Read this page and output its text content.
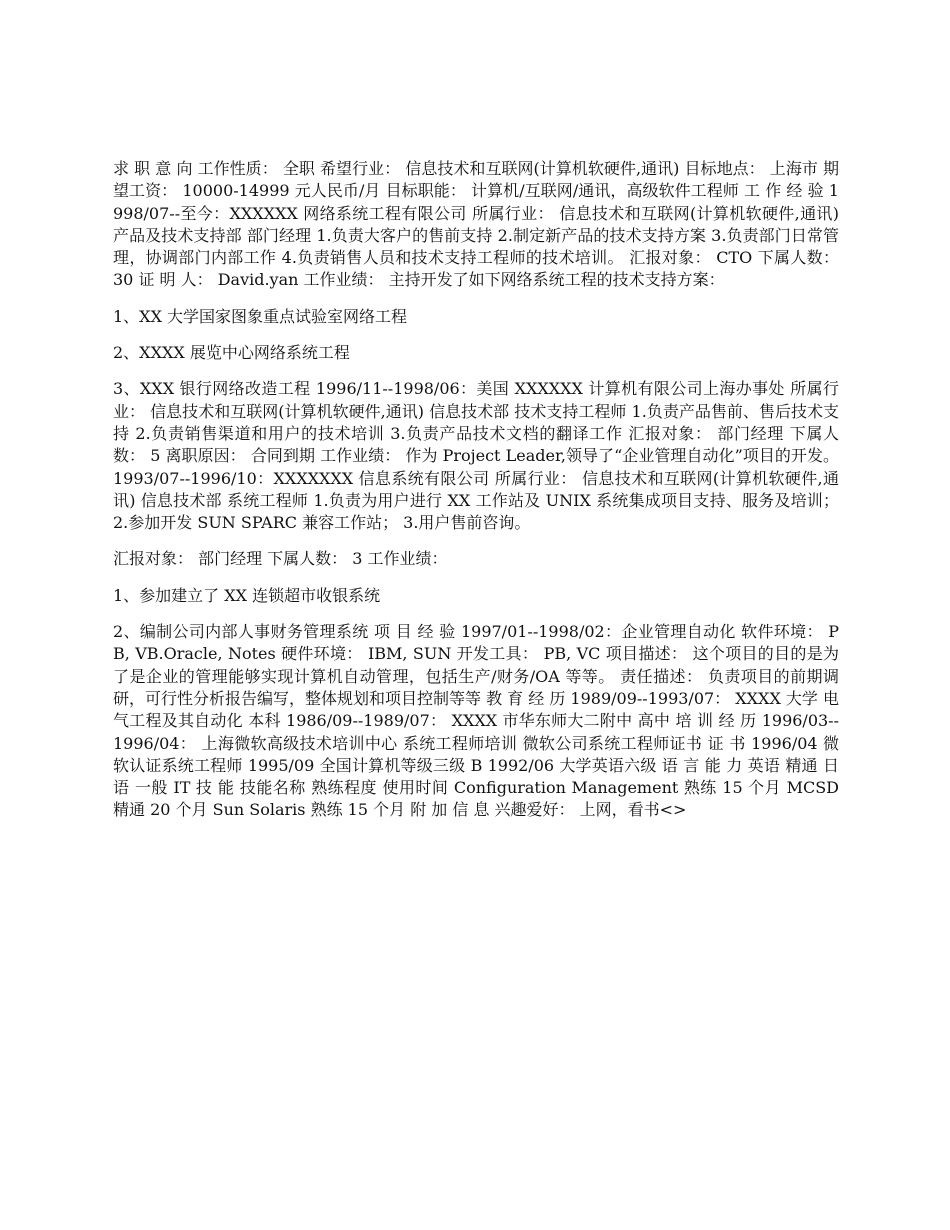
求 职 意 向 工作性质： 全职 希望行业： 信息技术和互联网(计算机软硬件,通讯) 目标地点： 上海市 期望工资： 10000-14999 元人民币/月 目标职能： 计算机/互联网/通讯，高级软件工程师 工 作 经 验 1998/07--至今：XXXXXX 网络系统工程有限公司 所属行业： 信息技术和互联网(计算机软硬件,通讯) 产品及技术支持部 部门经理 1.负责大客户的售前支持 2.制定新产品的技术支持方案 3.负责部门日常管理，协调部门内部工作 4.负责销售人员和技术支持工程师的技术培训。 汇报对象： CTO 下属人数： 30 证 明 人： David.yan 工作业绩： 主持开发了如下网络系统工程的技术支持方案：

1、XX 大学国家图象重点试验室网络工程

2、XXXX 展览中心网络系统工程

3、XXX 银行网络改造工程 1996/11--1998/06：美国 XXXXXX 计算机有限公司上海办事处 所属行业： 信息技术和互联网(计算机软硬件,通讯) 信息技术部 技术支持工程师 1.负责产品售前、售后技术支持 2.负责销售渠道和用户的技术培训 3.负责产品技术文档的翻译工作 汇报对象： 部门经理 下属人数： 5 离职原因： 合同到期 工作业绩： 作为 Project Leader,领导了“企业管理自动化”项目的开发。 1993/07--1996/10：XXXXXXX 信息系统有限公司 所属行业： 信息技术和互联网(计算机软硬件,通讯) 信息技术部 系统工程师 1.负责为用户进行 XX 工作站及 UNIX 系统集成项目支持、服务及培训； 2.参加开发 SUN SPARC 兼容工作站； 3.用户售前咨询。

汇报对象： 部门经理 下属人数： 3 工作业绩：

1、参加建立了 XX 连锁超市收银系统

2、编制公司内部人事财务管理系统 项 目 经 验 1997/01--1998/02：企业管理自动化 软件环境： PB, VB.Oracle, Notes 硬件环境： IBM, SUN 开发工具： PB, VC 项目描述： 这个项目的目的是为了是企业的管理能够实现计算机自动管理，包括生产/财务/OA 等等。 责任描述： 负责项目的前期调研，可行性分析报告编写，整体规划和项目控制等等 教 育 经 历 1989/09--1993/07： XXXX 大学 电气工程及其自动化 本科 1986/09--1989/07： XXXX 市华东师大二附中 高中 培 训 经 历 1996/03--1996/04： 上海微软高级技术培训中心 系统工程师培训 微软公司系统工程师证书 证 书 1996/04 微软认证系统工程师 1995/09 全国计算机等级三级 B 1992/06 大学英语六级 语 言 能 力 英语 精通 日语 一般 IT 技 能 技能名称 熟练程度 使用时间 Configuration Management 熟练 15 个月 MCSD 精通 20 个月 Sun Solaris 熟练 15 个月 附 加 信 息 兴趣爱好： 上网，看书<>
